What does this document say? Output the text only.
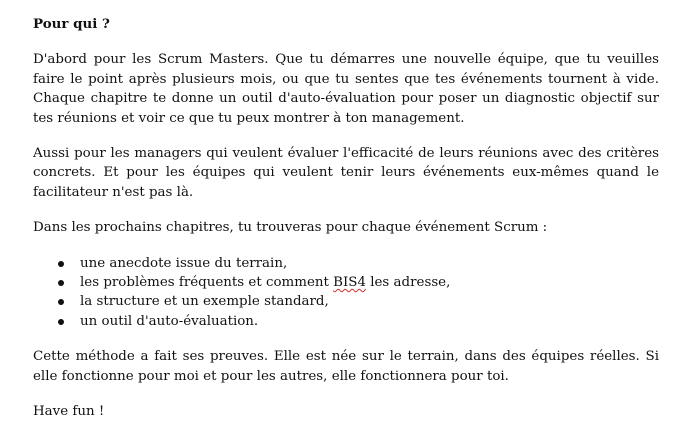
Pour qui ?

D'abord pour les Scrum Masters. Que tu démarres une nouvelle équipe, que tu veuilles faire le point après plusieurs mois, ou que tu sentes que tes événements tournent à vide. Chaque chapitre te donne un outil d'auto-évaluation pour poser un diagnostic objectif sur tes réunions et voir ce que tu peux montrer à ton management.

Aussi pour les managers qui veulent évaluer l'efficacité de leurs réunions avec des critères concrets. Et pour les équipes qui veulent tenir leurs événements eux-mêmes quand le facilitateur n'est pas là.

Dans les prochains chapitres, tu trouveras pour chaque événement Scrum :

une anecdote issue du terrain,
les problèmes fréquents et comment BIS4 les adresse,
la structure et un exemple standard,
un outil d'auto-évaluation.

Cette méthode a fait ses preuves. Elle est née sur le terrain, dans des équipes réelles. Si elle fonctionne pour moi et pour les autres, elle fonctionnera pour toi.

Have fun !
